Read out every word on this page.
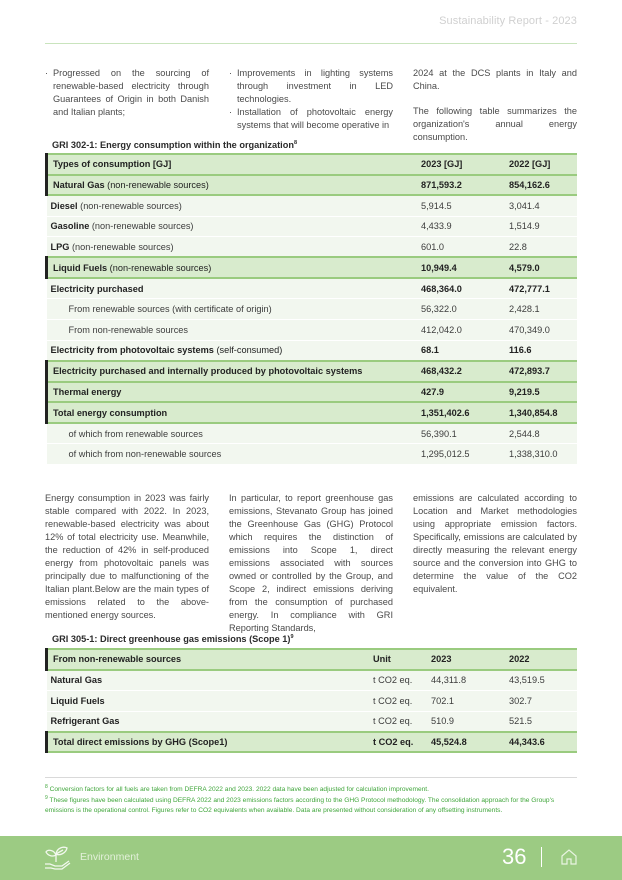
Sustainability Report - 2023
· Progressed on the sourcing of renewable-based electricity through Guarantees of Origin in both Danish and Italian plants;
· Improvements in lighting systems through investment in LED technologies.
· Installation of photovoltaic energy systems that will become operative in

2024 at the DCS plants in Italy and China.

The following table summarizes the organization's annual energy consumption.

GRI 302-1: Energy consumption within the organization$^8$
Types of consumption [GJ]	2023 [GJ]	2022 [GJ]
Natural Gas (non-renewable sources)	871,593.2	854,162.6
Diesel (non-renewable sources)	5,914.5	3,041.4
Gasoline (non-renewable sources)	4,433.9	1,514.9
LPG (non-renewable sources)	601.0	22.8
Liquid Fuels (non-renewable sources)	10,949.4	4,579.0
Electricity purchased	468,364.0	472,777.1
From renewable sources (with certificate of origin)	56,322.0	2,428.1
From non-renewable sources	412,042.0	470,349.0
Electricity from photovoltaic systems (self-consumed)	68.1	116.6
Electricity purchased and internally produced by photovoltaic systems	468,432.2	472,893.7
Thermal energy	427.9	9,219.5
Total energy consumption	1,351,402.6	1,340,854.8
of which from renewable sources	56,390.1	2,544.8
of which from non-renewable sources	1,295,012.5	1,338,310.0
Energy consumption in 2023 was fairly stable compared with 2022. In 2023, renewable-based electricity was about 12% of total electricity use. Meanwhile, the reduction of 42% in self-produced energy from photovoltaic panels was principally due to malfunctioning of the Italian plant.Below are the main types of emissions related to the above-mentioned energy sources.
In particular, to report greenhouse gas emissions, Stevanato Group has joined the Greenhouse Gas (GHG) Protocol which requires the distinction of emissions into Scope 1, direct emissions associated with sources owned or controlled by the Group, and Scope 2, indirect emissions deriving from the consumption of purchased energy. In compliance with GRI Reporting Standards,
emissions are calculated according to Location and Market methodologies using appropriate emission factors. Specifically, emissions are calculated by directly measuring the relevant energy source and the conversion into GHG to determine the value of the CO2 equivalent.
GRI 305-1: Direct greenhouse gas emissions (Scope 1)$^9$
From non-renewable sources	Unit	2023	2022
Natural Gas	t CO2 eq.	44,311.8	43,519.5
Liquid Fuels	t CO2 eq.	702.1	302.7
Refrigerant Gas	t CO2 eq.	510.9	521.5
Total direct emissions by GHG (Scope1)	t CO2 eq.	45,524.8	44,343.6
$^8$ Conversion factors for all fuels are taken from DEFRA 2022 and 2023. 2022 data have been adjusted for calculation improvement.
$^9$ These figures have been calculated using DEFRA 2022 and 2023 emissions factors according to the GHG Protocol methodology. The consolidation approach for the Group's emissions is the operational control. Figures refer to CO2 equivalents when available. Data are presented without consideration of any offsetting instruments.
Environment	36
